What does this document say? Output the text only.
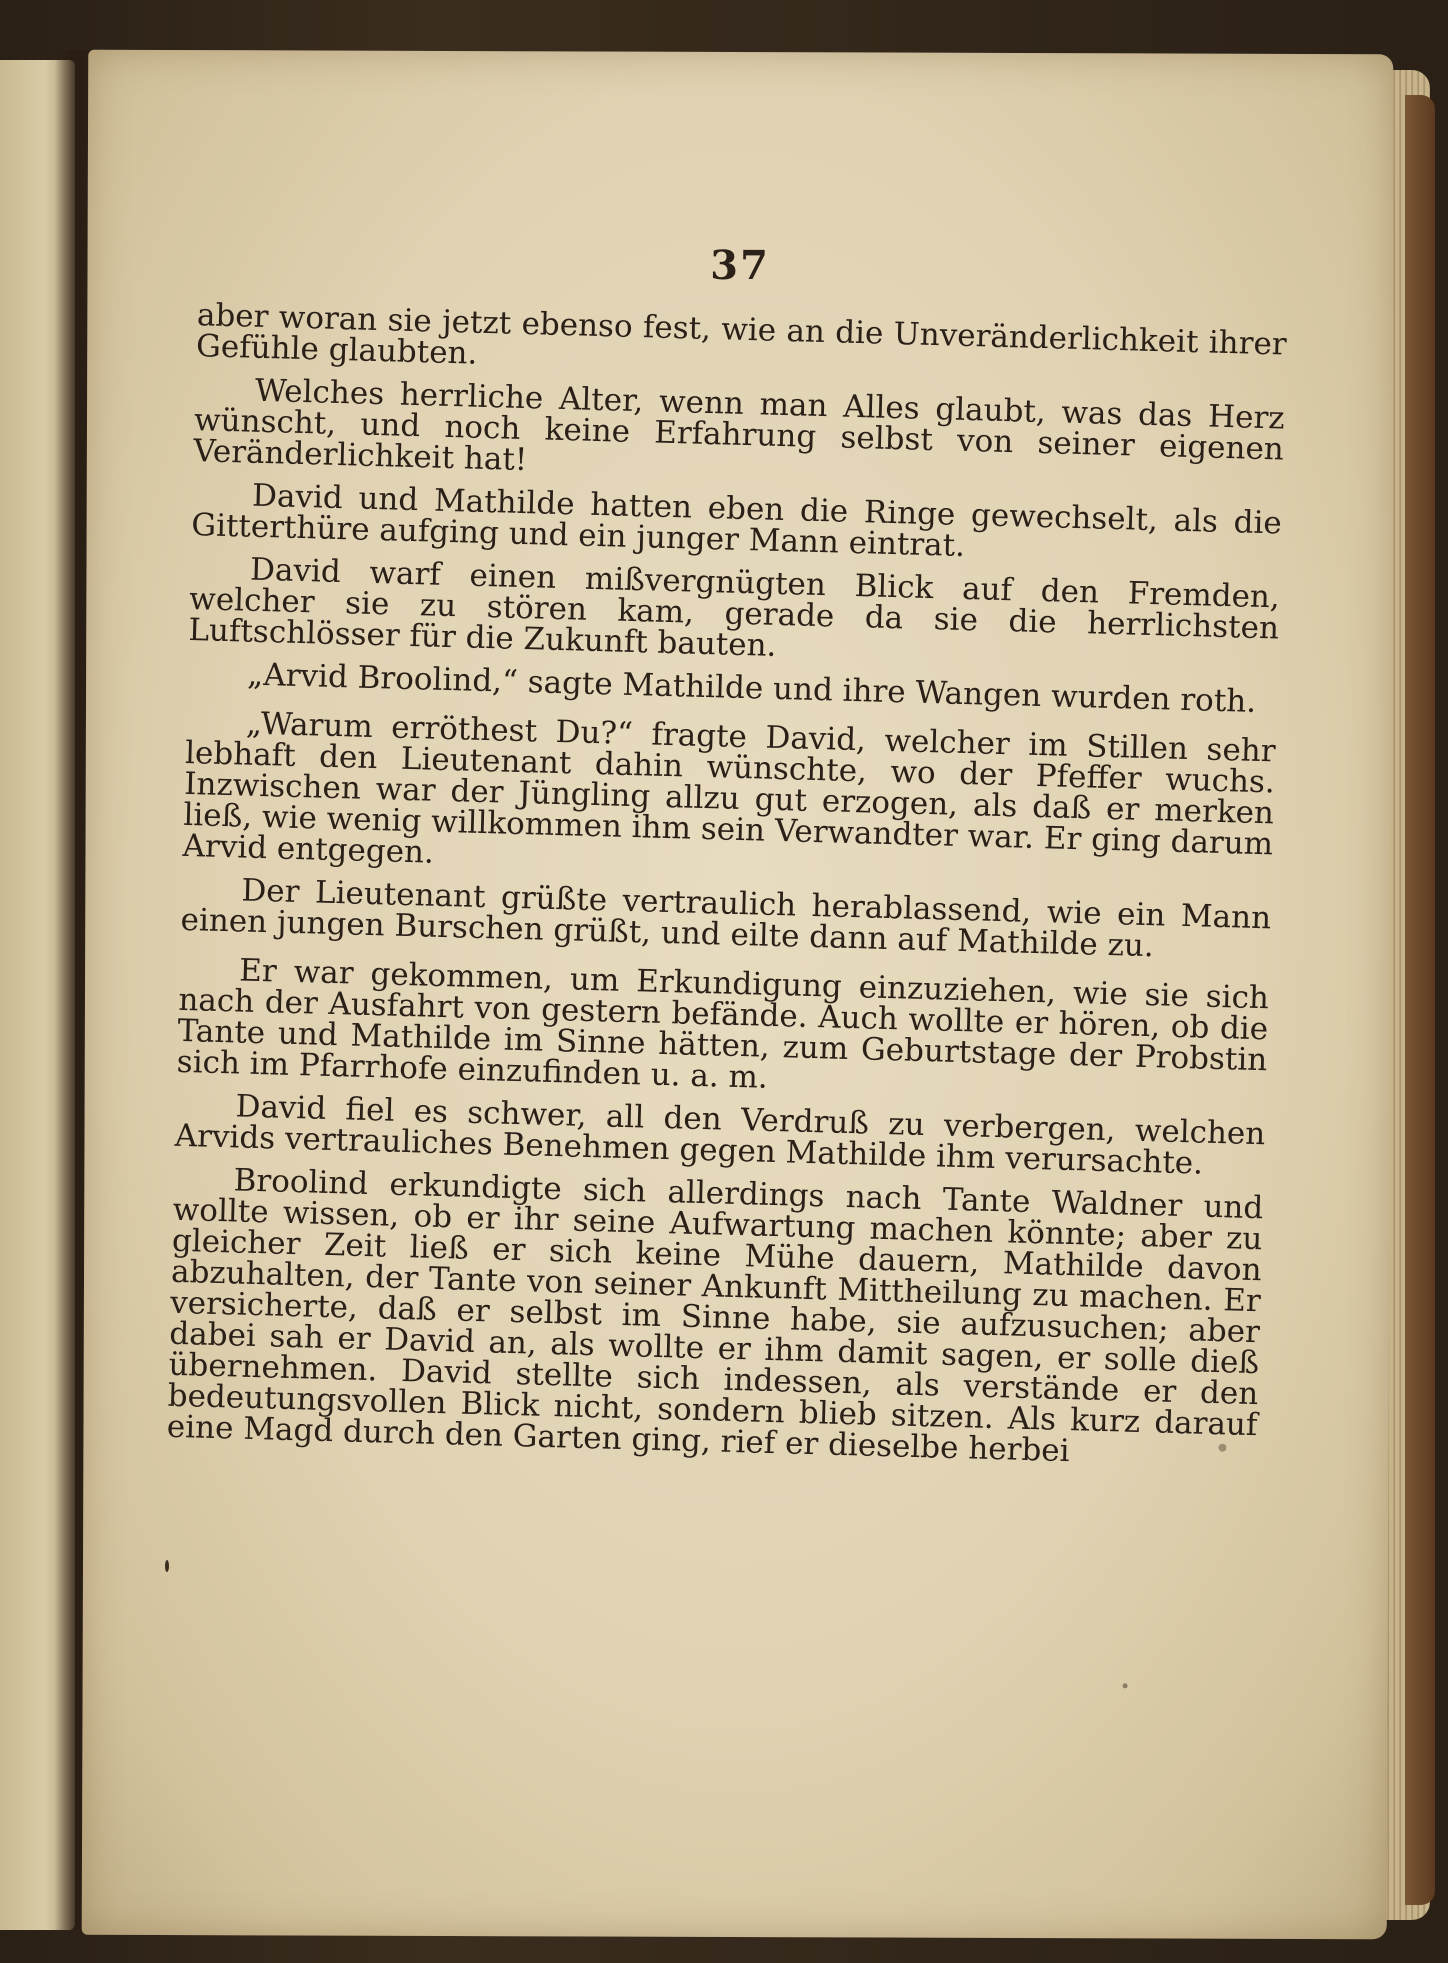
37

aber woran sie jetzt ebenso fest, wie an die Unveränderlichkeit ihrer Gefühle glaubten.

Welches herrliche Alter, wenn man Alles glaubt, was das Herz wünscht, und noch keine Erfahrung selbst von seiner eigenen Veränderlichkeit hat!

David und Mathilde hatten eben die Ringe gewechselt, als die Gitterthüre aufging und ein junger Mann eintrat.

David warf einen mißvergnügten Blick auf den Fremden, welcher sie zu stören kam, gerade da sie die herrlichsten Luftschlösser für die Zukunft bauten.

„Arvid Broolind,“ sagte Mathilde und ihre Wangen wurden roth.

„Warum erröthest Du?“ fragte David, welcher im Stillen sehr lebhaft den Lieutenant dahin wünschte, wo der Pfeffer wuchs. Inzwischen war der Jüngling allzu gut erzogen, als daß er merken ließ, wie wenig willkommen ihm sein Verwandter war. Er ging darum Arvid entgegen.

Der Lieutenant grüßte vertraulich herablassend, wie ein Mann einen jungen Burschen grüßt, und eilte dann auf Mathilde zu.

Er war gekommen, um Erkundigung einzuziehen, wie sie sich nach der Ausfahrt von gestern befände. Auch wollte er hören, ob die Tante und Mathilde im Sinne hätten, zum Geburtstage der Probstin sich im Pfarrhofe einzufinden u. a. m.

David fiel es schwer, all den Verdruß zu verbergen, welchen Arvids vertrauliches Benehmen gegen Mathilde ihm verursachte.

Broolind erkundigte sich allerdings nach Tante Waldner und wollte wissen, ob er ihr seine Aufwartung machen könnte; aber zu gleicher Zeit ließ er sich keine Mühe dauern, Mathilde davon abzuhalten, der Tante von seiner Ankunft Mittheilung zu machen. Er versicherte, daß er selbst im Sinne habe, sie aufzusuchen; aber dabei sah er David an, als wollte er ihm damit sagen, er solle dieß übernehmen. David stellte sich indessen, als verstände er den bedeutungsvollen Blick nicht, sondern blieb sitzen. Als kurz darauf eine Magd durch den Garten ging, rief er dieselbe herbei
